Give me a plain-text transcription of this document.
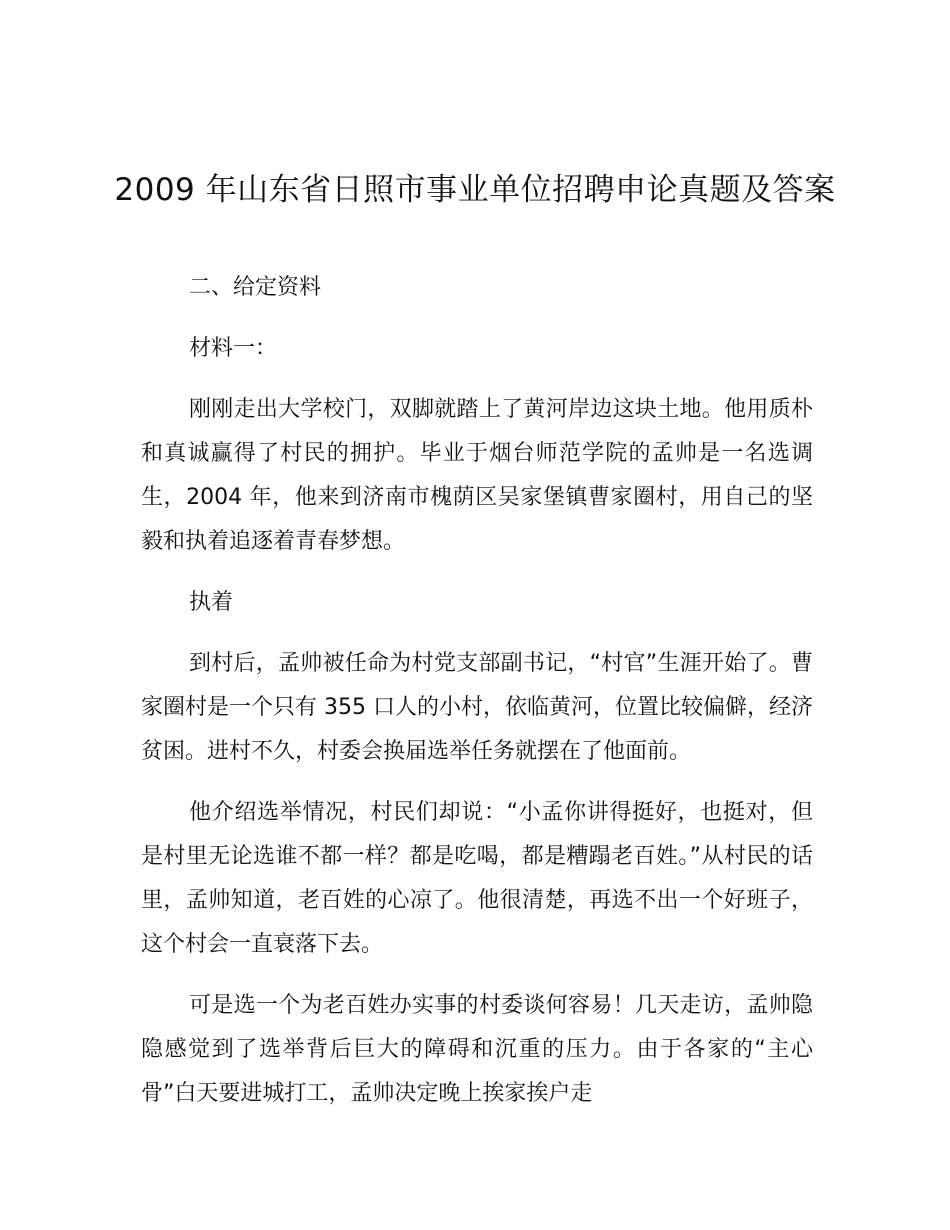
2009 年山东省日照市事业单位招聘申论真题及答案

二、给定资料

材料一：

刚刚走出大学校门，双脚就踏上了黄河岸边这块土地。他用质朴和真诚赢得了村民的拥护。毕业于烟台师范学院的孟帅是一名选调生，2004 年，他来到济南市槐荫区吴家堡镇曹家圈村，用自己的坚毅和执着追逐着青春梦想。

执着

到村后，孟帅被任命为村党支部副书记，“村官”生涯开始了。曹家圈村是一个只有 355 口人的小村，依临黄河，位置比较偏僻，经济贫困。进村不久，村委会换届选举任务就摆在了他面前。

他介绍选举情况，村民们却说：“小孟你讲得挺好，也挺对，但是村里无论选谁不都一样？都是吃喝，都是糟蹋老百姓。”从村民的话里，孟帅知道，老百姓的心凉了。他很清楚，再选不出一个好班子，这个村会一直衰落下去。

可是选一个为老百姓办实事的村委谈何容易！几天走访，孟帅隐隐感觉到了选举背后巨大的障碍和沉重的压力。由于各家的“主心骨”白天要进城打工，孟帅决定晚上挨家挨户走
